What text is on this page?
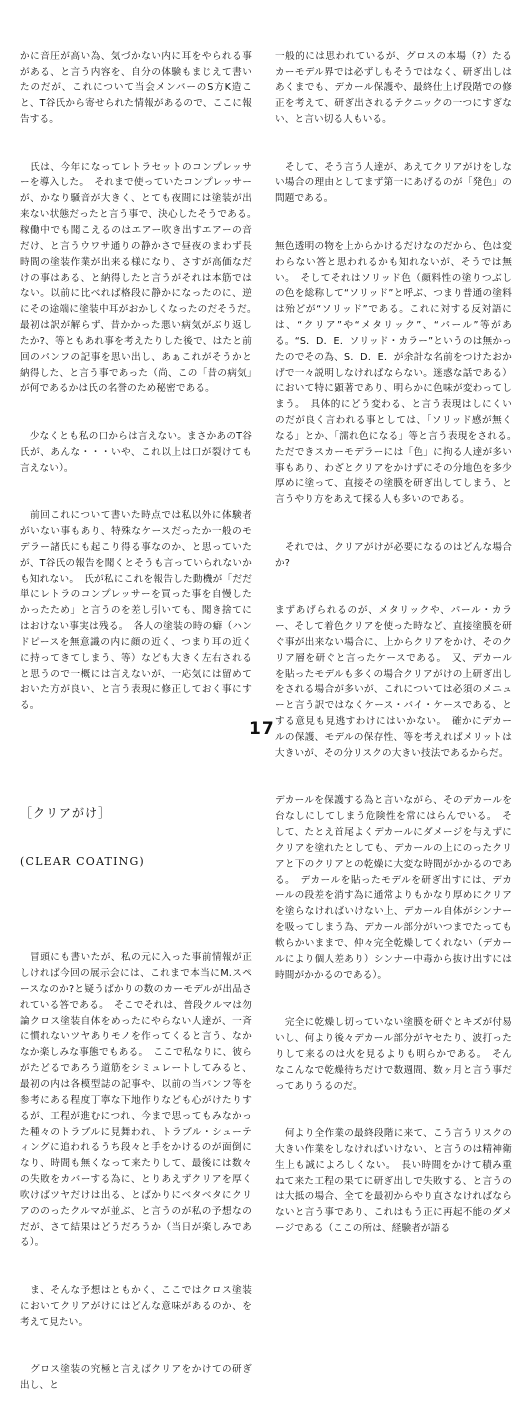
かに音圧が高い為、気づかない内に耳をやられる事がある、と言う内容を、自分の体験もまじえて書いたのだが、これについて当会メンバーのS方K造こと、T谷氏から寄せられた情報があるので、ここに報告する。

　氏は、今年になってレトラセットのコンプレッサーを導入した。　それまで使っていたコンプレッサーが、かなり騒音が大きく、とても夜間には塗装が出来ない状態だったと言う事で、決心したそうである。　稼働中でも聞こえるのはエアー吹き出すエアーの音だけ、と言うウワサ通りの静かさで昼夜のまわず長時間の塗装作業が出来る様になり、さすが高価なだけの事はある、と納得したと言うがそれは本筋ではない。以前に比べれば格段に静かになったのに、逆にその途端に塗装中耳がおかしくなったのだそうだ。　最初は訳が解らず、昔かかった悪い病気がぶり返したか?、等ともあれ事を考えたりした後で、はたと前回のパンフの記事を思い出し、あぁこれがそうかと納得した、と言う事であった（尚、この「昔の病気」が何であるかは氏の名誉のため秘密である。

　少なくとも私の口からは言えない。まさかあのT谷氏が、あんな・・・いや、これ以上は口が裂けても言えない）。

　前回これについて書いた時点では私以外に体験者がいない事もあり、特殊なケースだったか一般のモデラー諸氏にも起こり得る事なのか、と思っていたが、T谷氏の報告を聞くとそうも言っていられないかも知れない。　氏が私にこれを報告した動機が「だだ単にレトラのコンプレッサーを買った事を自慢したかったため」と言うのを差し引いても、聞き捨てにはおけない事実は残る。　各人の塗装の時の癖（ハンドピースを無意識の内に顔の近く、つまり耳の近くに持ってきてしまう、等）なども大きく左右されると思うので一概には言えないが、一応気には留めておいた方が良い、と言う表現に修正しておく事にする。

［クリアがけ］

(CLEAR COATING)

　冒頭にも書いたが、私の元に入った事前情報が正しければ今回の展示会には、これまで本当にM.スペースなのか?と疑うばかりの数のカーモデルが出品されている答である。　そこでそれは、普段クルマは勿論クロス塗装自体をめったにやらない人達が、一斉に慣れないツヤありモノを作ってくると言う、なかなか楽しみな事態でもある。　ここで私なりに、彼らがたどるであろう道筋をシミュレートしてみると、最初の内は各模型誌の記事や、以前の当パンフ等を参考にある程度丁寧な下地作りなども心がけたりするが、工程が進むにつれ、今まで思ってもみなかった種々のトラブルに見舞われ、トラブル・シューティングに追われるうち段々と手をかけるのが面倒になり、時間も無くなって来たりして、最後には数々の失敗をカバーする為に、とりあえずクリアを厚く吹けばツヤだけは出る、とばかりにベタベタにクリアののったクルマが並ぶ、と言うのが私の予想なのだが、さて結果はどうだろうか（当日が楽しみである）。

　ま、そんな予想はともかく、ここではクロス塗装においてクリアがけにはどんな意味があるのか、を考えて見たい。

　グロス塗装の究極と言えばクリアをかけての研ぎ出し、と

一般的には思われているが、グロスの本場（?）たるカーモデル界では必ずしもそうではなく、研ぎ出しはあくまでも、デカール保護や、最終仕上げ段階での修正を考えて、研ぎ出されるテクニックの一つにすぎない、と言い切る人もいる。

　そして、そう言う人達が、あえてクリアがけをしない場合の理由としてまず第一にあげるのが「発色」の問題である。

無色透明の物を上からかけるだけなのだから、色は変わらない答と思われるかも知れないが、そうでは無い。　そしてそれはソリッド色（顔料性の塗りつぶしの色を総称して“ソリッド”と呼ぶ、つまり普通の塗料は殆どが“ソリッド”である。これに対する反対語には、“クリア”や“メタリック”、“パール”等がある。“S．D．E．ソリッド・カラー”というのは無かったのでその為、S．D．E．が余計な名前をつけたおかげで一々説明しなければならない。迷惑な話である）において特に顕著であり、明らかに色味が変わってしまう。　具体的にどう変わる、と言う表現はしにくいのだが良く言われる事としては、「ソリッド感が無くなる」とか、「濡れ色になる」等と言う表現をされる。　ただできスカーモデラーには「色」に拘る人達が多い事もあり、わざとクリアをかけずにその分地色を多少厚めに塗って、直接その塗膜を研ぎ出してしまう、と言うやり方をあえて採る人も多いのである。

　それでは、クリアがけが必要になるのはどんな場合か?

まずあげられるのが、メタリックや、パール・カラー、そして着色クリアを使った時など、直接塗膜を研ぐ事が出来ない場合に、上からクリアをかけ、そのクリア層を研ぐと言ったケースである。　又、デカールを貼ったモデルも多くの場合クリアがけの上研ぎ出しをされる場合が多いが、これについては必須のメニューと言う訳ではなくケース・バイ・ケースである、とする意見も見逃すわけにはいかない。　確かにデカールの保護、モデルの保存性、等を考えればメリットは大きいが、その分リスクの大きい技法であるからだ。

デカールを保護する為と言いながら、そのデカールを台なしにしてしまう危険性を常にはらんでいる。　そして、たとえ首尾よくデカールにダメージを与えずにクリアを塗れたとしても、デカールの上にのったクリアと下のクリアとの乾燥に大変な時間がかかるのである。　デカールを貼ったモデルを研ぎ出すには、デカールの段差を消す為に通常よりもかなり厚めにクリアを塗らなければいけない上、デカール自体がシンナーを吸ってしまう為、デカール部分がいつまでたっても軟らかいままで、仲々完全乾燥してくれない（デカールにより個人差あり）シンナー中毒から抜け出すには時間がかかるのである）。

　完全に乾燥し切っていない塗膜を研ぐとキズが付易いし、何より後々デカール部分がヤセたり、波打ったりして来るのは火を見るよりも明らかである。　そんなこんなで乾燥待ちだけで数週間、数ヶ月と言う事だってありうるのだ。

　何より全作業の最終段階に来て、こう言うリスクの大きい作業をしなければいけない、と言うのは精神衛生上も誠によろしくない。　長い時間をかけて積み重ねて来た工程の果てに研ぎ出しで失敗する、と言うのは大抵の場合、全てを最初からやり直さなければならないと言う事であり、これはもう正に再起不能のダメージである（ここの所は、経験者が語る

17
